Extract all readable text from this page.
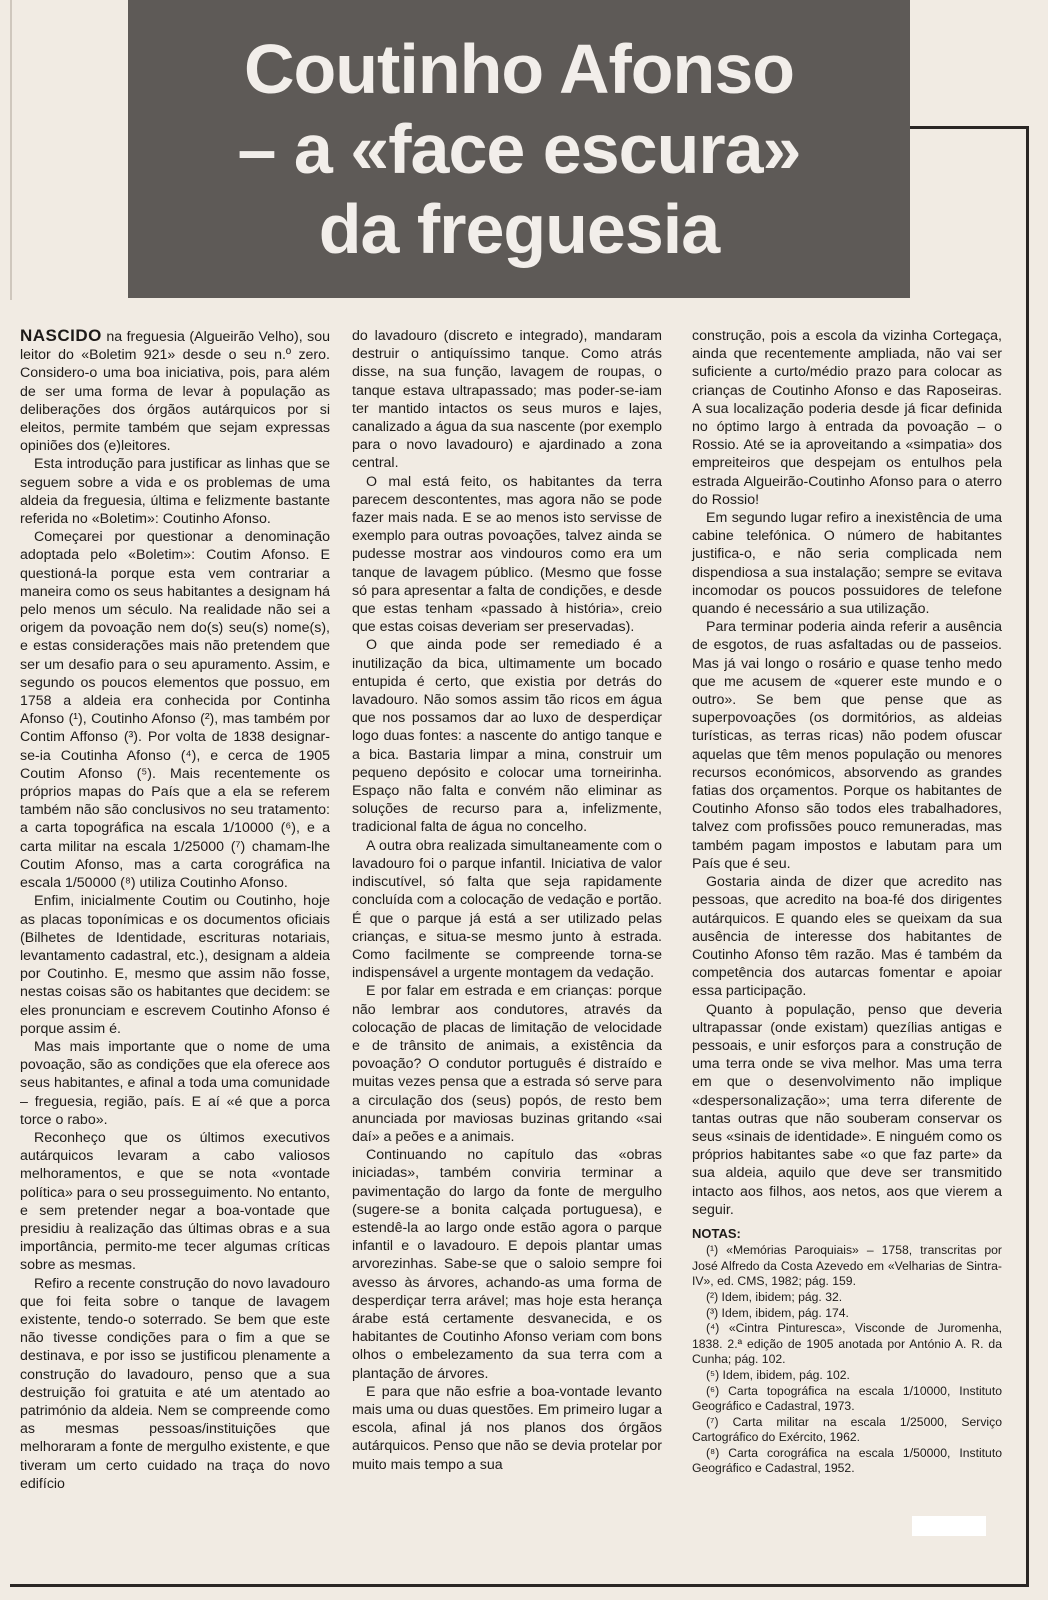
Coutinho Afonso
– a «face escura»
da freguesia

NASCIDO na freguesia (Algueirão Velho), sou leitor do «Boletim 921» desde o seu n.º zero. Considero-o uma boa iniciativa, pois, para além de ser uma forma de levar à população as deliberações dos órgãos autárquicos por si eleitos, permite também que sejam expressas opiniões dos (e)leitores.

Esta introdução para justificar as linhas que se seguem sobre a vida e os problemas de uma aldeia da freguesia, última e felizmente bastante referida no «Boletim»: Coutinho Afonso.

Começarei por questionar a denominação adoptada pelo «Boletim»: Coutim Afonso. E questioná-la porque esta vem contrariar a maneira como os seus habitantes a designam há pelo menos um século. Na realidade não sei a origem da povoação nem do(s) seu(s) nome(s), e estas considerações mais não pretendem que ser um desafio para o seu apuramento. Assim, e segundo os poucos elementos que possuo, em 1758 a aldeia era conhecida por Continha Afonso (¹), Coutinho Afonso (²), mas também por Contim Affonso (³). Por volta de 1838 designar-se-ia Coutinha Afonso (⁴), e cerca de 1905 Coutim Afonso (⁵). Mais recentemente os próprios mapas do País que a ela se referem também não são conclusivos no seu tratamento: a carta topográfica na escala 1/10000 (⁶), e a carta militar na escala 1/25000 (⁷) chamam-lhe Coutim Afonso, mas a carta corográfica na escala 1/50000 (⁸) utiliza Coutinho Afonso.

Enfim, inicialmente Coutim ou Coutinho, hoje as placas toponímicas e os documentos oficiais (Bilhetes de Identidade, escrituras notariais, levantamento cadastral, etc.), designam a aldeia por Coutinho. E, mesmo que assim não fosse, nestas coisas são os habitantes que decidem: se eles pronunciam e escrevem Coutinho Afonso é porque assim é.

Mas mais importante que o nome de uma povoação, são as condições que ela oferece aos seus habitantes, e afinal a toda uma comunidade – freguesia, região, país. E aí «é que a porca torce o rabo».

Reconheço que os últimos executivos autárquicos levaram a cabo valiosos melhoramentos, e que se nota «vontade política» para o seu prosseguimento. No entanto, e sem pretender negar a boa-vontade que presidiu à realização das últimas obras e a sua importância, permito-me tecer algumas críticas sobre as mesmas.

Refiro a recente construção do novo lavadouro que foi feita sobre o tanque de lavagem existente, tendo-o soterrado. Se bem que este não tivesse condições para o fim a que se destinava, e por isso se justificou plenamente a construção do lavadouro, penso que a sua destruição foi gratuita e até um atentado ao património da aldeia. Nem se compreende como as mesmas pessoas/instituições que melhoraram a fonte de mergulho existente, e que tiveram um certo cuidado na traça do novo edifício

do lavadouro (discreto e integrado), mandaram destruir o antiquíssimo tanque. Como atrás disse, na sua função, lavagem de roupas, o tanque estava ultrapassado; mas poder-se-iam ter mantido intactos os seus muros e lajes, canalizado a água da sua nascente (por exemplo para o novo lavadouro) e ajardinado a zona central.

O mal está feito, os habitantes da terra parecem descontentes, mas agora não se pode fazer mais nada. E se ao menos isto servisse de exemplo para outras povoações, talvez ainda se pudesse mostrar aos vindouros como era um tanque de lavagem público. (Mesmo que fosse só para apresentar a falta de condições, e desde que estas tenham «passado à história», creio que estas coisas deveriam ser preservadas).

O que ainda pode ser remediado é a inutilização da bica, ultimamente um bocado entupida é certo, que existia por detrás do lavadouro. Não somos assim tão ricos em água que nos possamos dar ao luxo de desperdiçar logo duas fontes: a nascente do antigo tanque e a bica. Bastaria limpar a mina, construir um pequeno depósito e colocar uma torneirinha. Espaço não falta e convém não eliminar as soluções de recurso para a, infelizmente, tradicional falta de água no concelho.

A outra obra realizada simultaneamente com o lavadouro foi o parque infantil. Iniciativa de valor indiscutível, só falta que seja rapidamente concluída com a colocação de vedação e portão. É que o parque já está a ser utilizado pelas crianças, e situa-se mesmo junto à estrada. Como facilmente se compreende torna-se indispensável a urgente montagem da vedação.

E por falar em estrada e em crianças: porque não lembrar aos condutores, através da colocação de placas de limitação de velocidade e de trânsito de animais, a existência da povoação? O condutor português é distraído e muitas vezes pensa que a estrada só serve para a circulação dos (seus) popós, de resto bem anunciada por maviosas buzinas gritando «sai daí» a peões e a animais.

Continuando no capítulo das «obras iniciadas», também conviria terminar a pavimentação do largo da fonte de mergulho (sugere-se a bonita calçada portuguesa), e estendê-la ao largo onde estão agora o parque infantil e o lavadouro. E depois plantar umas arvorezinhas. Sabe-se que o saloio sempre foi avesso às árvores, achando-as uma forma de desperdiçar terra arável; mas hoje esta herança árabe está certamente desvanecida, e os habitantes de Coutinho Afonso veriam com bons olhos o embelezamento da sua terra com a plantação de árvores.

E para que não esfrie a boa-vontade levanto mais uma ou duas questões. Em primeiro lugar a escola, afinal já nos planos dos órgãos autárquicos. Penso que não se devia protelar por muito mais tempo a sua

construção, pois a escola da vizinha Cortegaça, ainda que recentemente ampliada, não vai ser suficiente a curto/médio prazo para colocar as crianças de Coutinho Afonso e das Raposeiras. A sua localização poderia desde já ficar definida no óptimo largo à entrada da povoação – o Rossio. Até se ia aproveitando a «simpatia» dos empreiteiros que despejam os entulhos pela estrada Algueirão-Coutinho Afonso para o aterro do Rossio!

Em segundo lugar refiro a inexistência de uma cabine telefónica. O número de habitantes justifica-o, e não seria complicada nem dispendiosa a sua instalação; sempre se evitava incomodar os poucos possuidores de telefone quando é necessário a sua utilização.

Para terminar poderia ainda referir a ausência de esgotos, de ruas asfaltadas ou de passeios. Mas já vai longo o rosário e quase tenho medo que me acusem de «querer este mundo e o outro». Se bem que pense que as superpovoações (os dormitórios, as aldeias turísticas, as terras ricas) não podem ofuscar aquelas que têm menos população ou menores recursos económicos, absorvendo as grandes fatias dos orçamentos. Porque os habitantes de Coutinho Afonso são todos eles trabalhadores, talvez com profissões pouco remuneradas, mas também pagam impostos e labutam para um País que é seu.

Gostaria ainda de dizer que acredito nas pessoas, que acredito na boa-fé dos dirigentes autárquicos. E quando eles se queixam da sua ausência de interesse dos habitantes de Coutinho Afonso têm razão. Mas é também da competência dos autarcas fomentar e apoiar essa participação.

Quanto à população, penso que deveria ultrapassar (onde existam) quezílias antigas e pessoais, e unir esforços para a construção de uma terra onde se viva melhor. Mas uma terra em que o desenvolvimento não implique «despersonalização»; uma terra diferente de tantas outras que não souberam conservar os seus «sinais de identidade». E ninguém como os próprios habitantes sabe «o que faz parte» da sua aldeia, aquilo que deve ser transmitido intacto aos filhos, aos netos, aos que vierem a seguir.

NOTAS:

(¹) «Memórias Paroquiais» – 1758, transcritas por José Alfredo da Costa Azevedo em «Velharias de Sintra-IV», ed. CMS, 1982; pág. 159.

(²) Idem, ibidem; pág. 32.

(³) Idem, ibidem, pág. 174.

(⁴) «Cintra Pinturesca», Visconde de Juromenha, 1838. 2.ª edição de 1905 anotada por António A. R. da Cunha; pág. 102.

(⁵) Idem, ibidem, pág. 102.

(⁶) Carta topográfica na escala 1/10000, Instituto Geográfico e Cadastral, 1973.

(⁷) Carta militar na escala 1/25000, Serviço Cartográfico do Exército, 1962.

(⁸) Carta corográfica na escala 1/50000, Instituto Geográfico e Cadastral, 1952.
